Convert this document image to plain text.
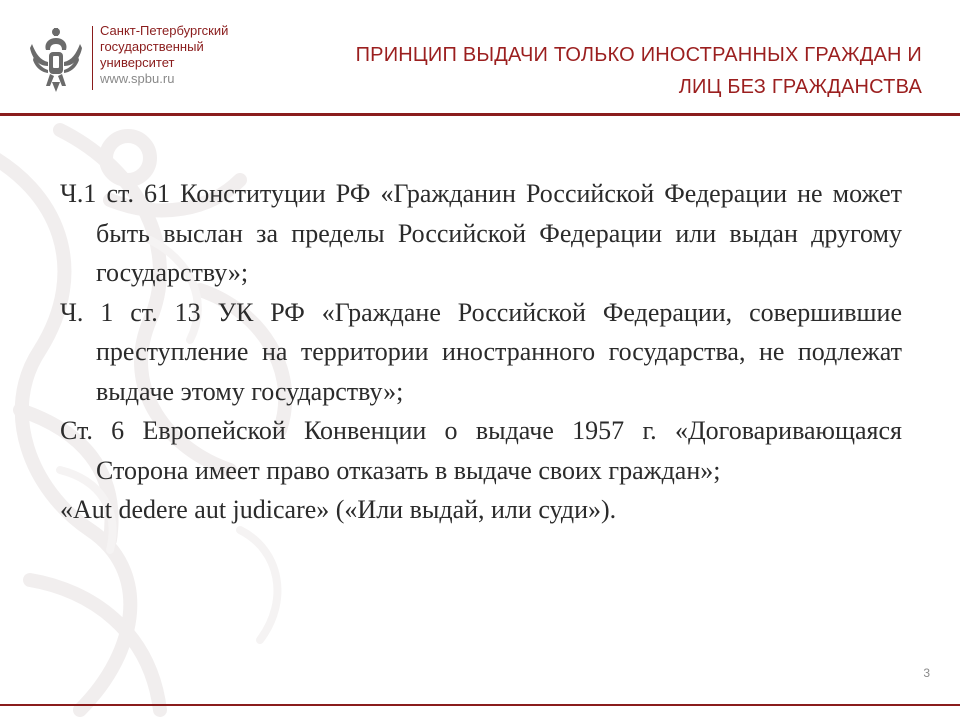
Санкт-Петербургский
государственный
университет
www.spbu.ru
ПРИНЦИП ВЫДАЧИ ТОЛЬКО ИНОСТРАННЫХ ГРАЖДАН И
ЛИЦ БЕЗ ГРАЖДАНСТВА

Ч.1 ст. 61 Конституции РФ «Гражданин Российской Федерации не может быть выслан за пределы Российской Федерации или выдан другому государству»;

Ч. 1 ст. 13 УК РФ «Граждане Российской Федерации, совершившие преступление на территории иностранного государства, не подлежат выдаче этому государству»;

Ст. 6 Европейской Конвенции о выдаче 1957 г. «Договаривающаяся Сторона имеет право отказать в выдаче своих граждан»;

«Aut dedere aut judicare» («Или выдай, или суди»).

3
